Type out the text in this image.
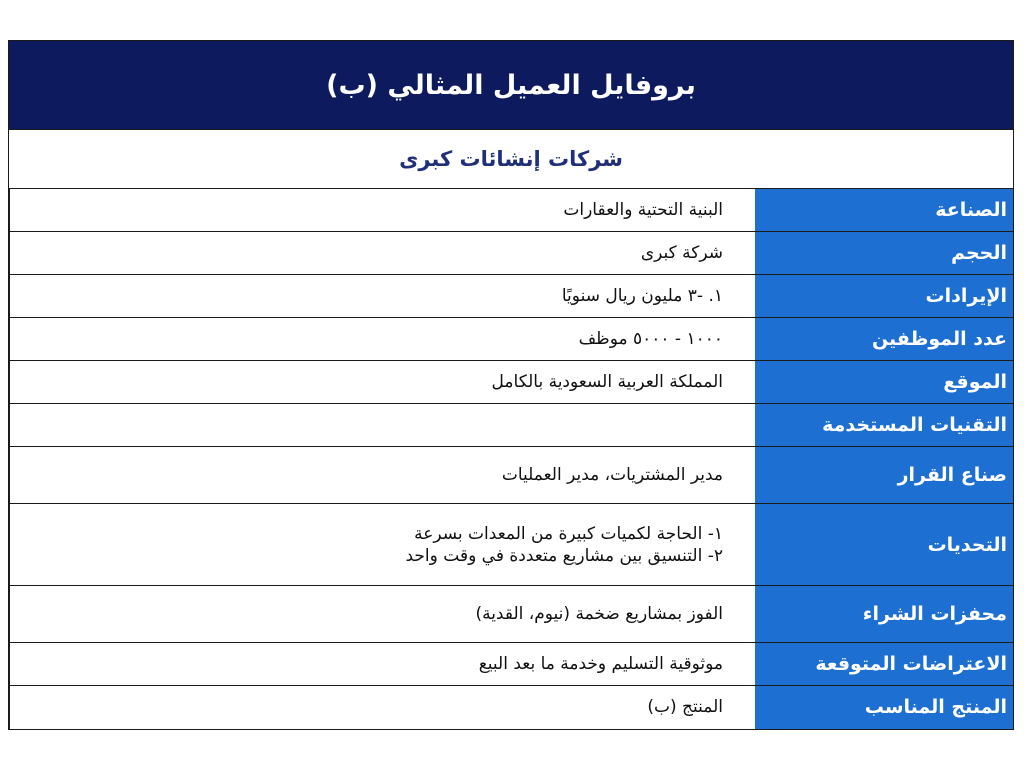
بروفايل العميل المثالي (ب)
شركات إنشائات كبرى
الصناعة	البنية التحتية والعقارات
الحجم	شركة كبرى
الإيرادات	١. -٣ مليون ريال سنويًا
عدد الموظفين	١٠٠٠ - ٥٠٠٠ موظف
الموقع	المملكة العربية السعودية بالكامل
التقنيات المستخدمة	
صناع القرار	مدير المشتريات، مدير العمليات
التحديات	١- الحاجة لكميات كبيرة من المعدات بسرعة
٢- التنسيق بين مشاريع متعددة في وقت واحد

محفزات الشراء	الفوز بمشاريع ضخمة (نيوم، القدية)
الاعتراضات المتوقعة	موثوقية التسليم وخدمة ما بعد البيع
المنتج المناسب	المنتج (ب)
